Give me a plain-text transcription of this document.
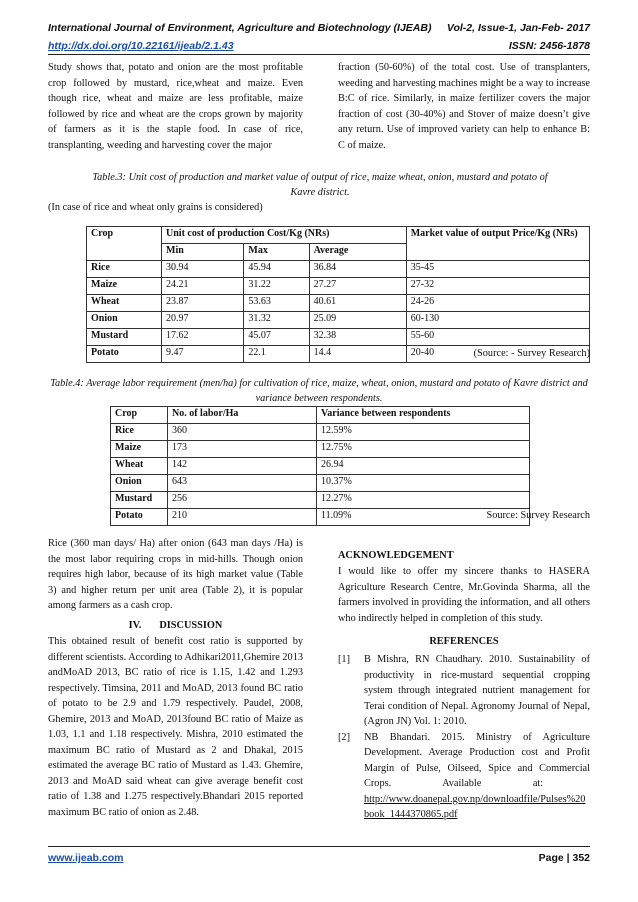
International Journal of Environment, Agriculture and Biotechnology (IJEAB) Vol-2, Issue-1, Jan-Feb- 2017
http://dx.doi.org/10.22161/ijeab/2.1.43	ISSN: 2456-1878
Study shows that, potato and onion are the most profitable crop followed by mustard, rice,wheat and maize. Even though rice, wheat and maize are less profitable, maize followed by rice and wheat are the crops grown by majority of farmers as it is the staple food. In case of rice, transplanting, weeding and harvesting cover the major
fraction (50-60%) of the total cost. Use of transplanters, weeding and harvesting machines might be a way to increase B:C of rice. Similarly, in maize fertilizer covers the major fraction of cost (30-40%) and Stover of maize doesn’t give any return. Use of improved variety can help to enhance B: C of maize.
Table.3: Unit cost of production and market value of output of rice, maize wheat, onion, mustard and potato of Kavre district.
(In case of rice and wheat only grains is considered)
Crop	Unit cost of production Cost/Kg (NRs)			Market value of output Price/Kg (NRs)
	Min	Max	Average	
Rice	30.94	45.94	36.84	35-45
Maize	24.21	31.22	27.27	27-32
Wheat	23.87	53.63	40.61	24-26
Onion	20.97	31.32	25.09	60-130
Mustard	17.62	45.07	32.38	55-60
Potato	9.47	22.1	14.4	20-40	(Source: - Survey Research)
Table.4: Average labor requirement (men/ha) for cultivation of rice, maize, wheat, onion, mustard and potato of Kavre district and variance between respondents.
Crop	No. of labor/Ha	Variance between respondents
Rice	360	12.59%
Maize	173	12.75%
Wheat	142	26.94
Onion	643	10.37%
Mustard	256	12.27%
Potato	210	11.09%	Source: Survey Research
Rice (360 man days/ Ha) after onion (643 man days /Ha) is the most labor requiring crops in mid-hills. Though onion requires high labor, because of its high market value (Table 3) and higher return per unit area (Table 2), it is popular among farmers as a cash crop.
IV.       DISCUSSION
This obtained result of benefit cost ratio is supported by different scientists. According to Adhikari2011,Ghemire 2013 andMoAD 2013, BC ratio of rice is 1.15, 1.42 and 1.293 respectively. Timsina, 2011 and MoAD, 2013 found BC ratio of potato to be 2.9 and 1.79 respectively. Paudel, 2008, Ghemire, 2013 and MoAD, 2013found BC ratio of Maize as 1.03, 1.1 and 1.18 respectively. Mishra, 2010 estimated the maximum BC ratio of Mustard as 2 and Dhakal, 2015 estimated the average BC ratio of Mustard as 1.43. Ghemire, 2013 and MoAD said wheat can give average benefit cost ratio of 1.38 and 1.275 respectively.Bhandari 2015 reported maximum BC ratio of onion as 2.48.
ACKNOWLEDGEMENT
I would like to offer my sincere thanks to HASERA Agriculture Research Centre, Mr.Govinda Sharma, all the farmers involved in providing the information, and all others who indirectly helped in completion of this study.
REFERENCES
[1]	B Mishra, RN Chaudhary. 2010. Sustainability of productivity in rice-mustard sequential cropping system through integrated nutrient management for Terai condition of Nepal. Agronomy Journal of Nepal, (Agron JN) Vol. 1: 2010.
[2]	NB Bhandari. 2015. Ministry of Agriculture Development. Average Production cost and Profit Margin of Pulse, Oilseed, Spice and Commercial Crops.                    Available                    at:
http://www.doanepal.gov.np/downloadfile/Pulses%20book_1444370865.pdf
www.ijeab.com	Page | 352
